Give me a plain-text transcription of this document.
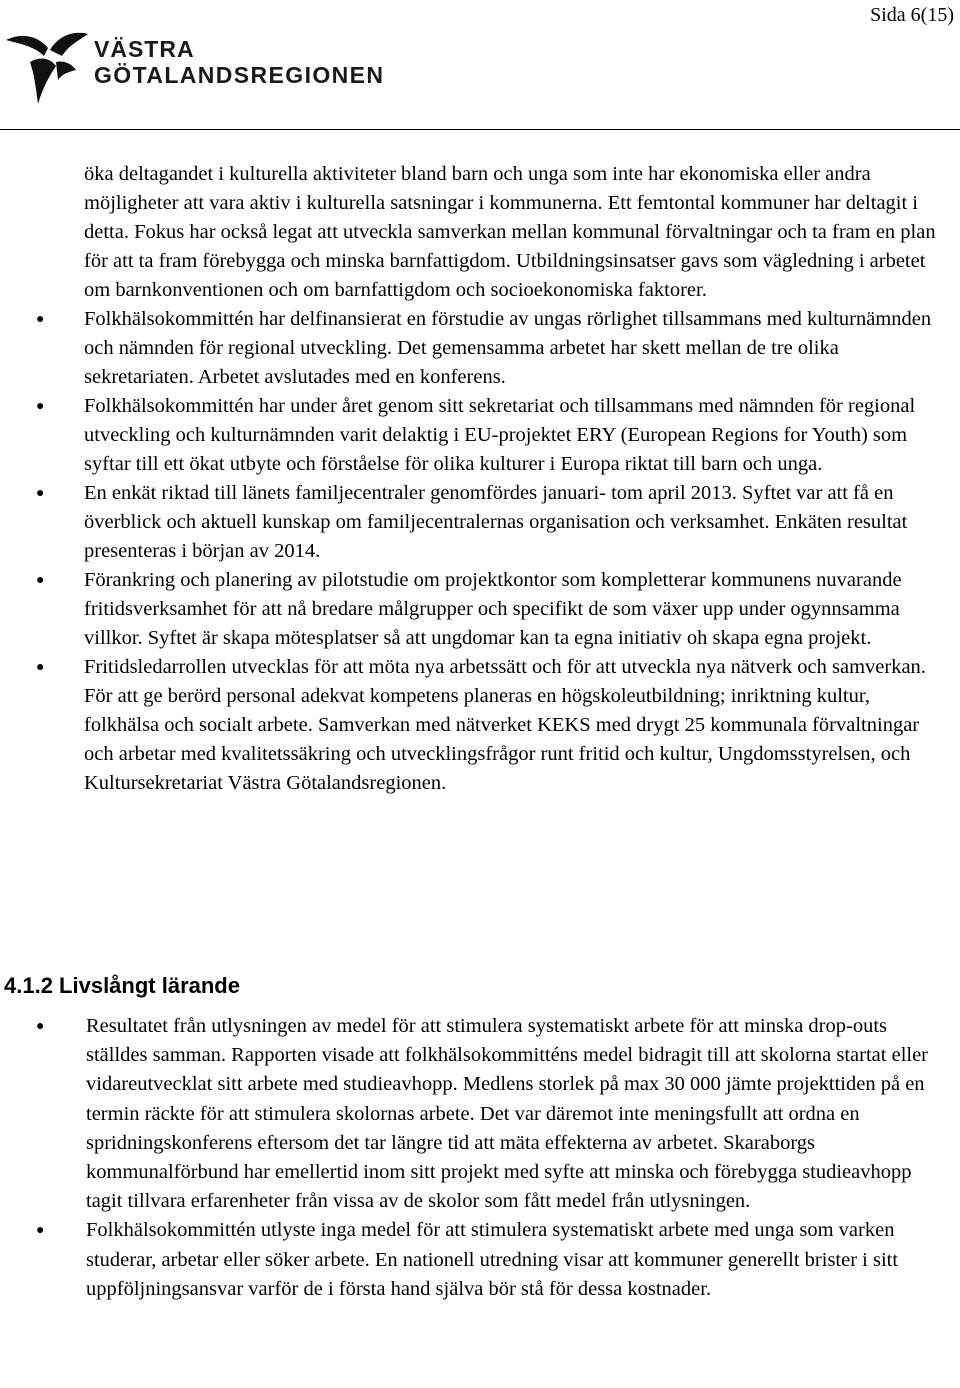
Sida 6(15)
VÄSTRA
GÖTALANDSREGIONEN
öka deltagandet i kulturella aktiviteter bland barn och unga som inte har ekonomiska eller andra möjligheter att vara aktiv i kulturella satsningar i kommunerna. Ett femtontal kommuner har deltagit i detta. Fokus har också legat att utveckla samverkan mellan kommunal förvaltningar och ta fram en plan för att ta fram förebygga och minska barnfattigdom. Utbildningsinsatser gavs som vägledning i arbetet om barnkonventionen och om barnfattigdom och socioekonomiska faktorer.
● Folkhälsokommittén har delfinansierat en förstudie av ungas rörlighet tillsammans med kulturnämnden och nämnden för regional utveckling. Det gemensamma arbetet har skett mellan de tre olika sekretariaten. Arbetet avslutades med en konferens.
● Folkhälsokommittén har under året genom sitt sekretariat och tillsammans med nämnden för regional utveckling och kulturnämnden varit delaktig i EU-projektet ERY (European Regions for Youth) som syftar till ett ökat utbyte och förståelse för olika kulturer i Europa riktat till barn och unga.
● En enkät riktad till länets familjecentraler genomfördes januari- tom april 2013. Syftet var att få en överblick och aktuell kunskap om familjecentralernas organisation och verksamhet. Enkäten resultat presenteras i början av 2014.
● Förankring och planering av pilotstudie om projektkontor som kompletterar kommunens nuvarande fritidsverksamhet för att nå bredare målgrupper och specifikt de som växer upp under ogynnsamma villkor. Syftet är skapa mötesplatser så att ungdomar kan ta egna initiativ oh skapa egna projekt.
● Fritidsledarrollen utvecklas för att möta nya arbetssätt och för att utveckla nya nätverk och samverkan. För att ge berörd personal adekvat kompetens planeras en högskoleutbildning; inriktning kultur, folkhälsa och socialt arbete. Samverkan med nätverket KEKS med drygt 25 kommunala förvaltningar och arbetar med kvalitetssäkring och utvecklingsfrågor runt fritid och kultur, Ungdomsstyrelsen, och Kultursekretariat Västra Götalandsregionen.
4.1.2 Livslångt lärande
● Resultatet från utlysningen av medel för att stimulera systematiskt arbete för att minska drop-outs ställdes samman. Rapporten visade att folkhälsokommitténs medel bidragit till att skolorna startat eller vidareutvecklat sitt arbete med studieavhopp. Medlens storlek på max 30 000 jämte projekttiden på en termin räckte för att stimulera skolornas arbete. Det var däremot inte meningsfullt att ordna en spridningskonferens eftersom det tar längre tid att mäta effekterna av arbetet. Skaraborgs kommunalförbund har emellertid inom sitt projekt med syfte att minska och förebygga studieavhopp tagit tillvara erfarenheter från vissa av de skolor som fått medel från utlysningen.
● Folkhälsokommittén utlyste inga medel för att stimulera systematiskt arbete med unga som varken studerar, arbetar eller söker arbete. En nationell utredning visar att kommuner generellt brister i sitt uppföljningsansvar varför de i första hand själva bör stå för dessa kostnader.
